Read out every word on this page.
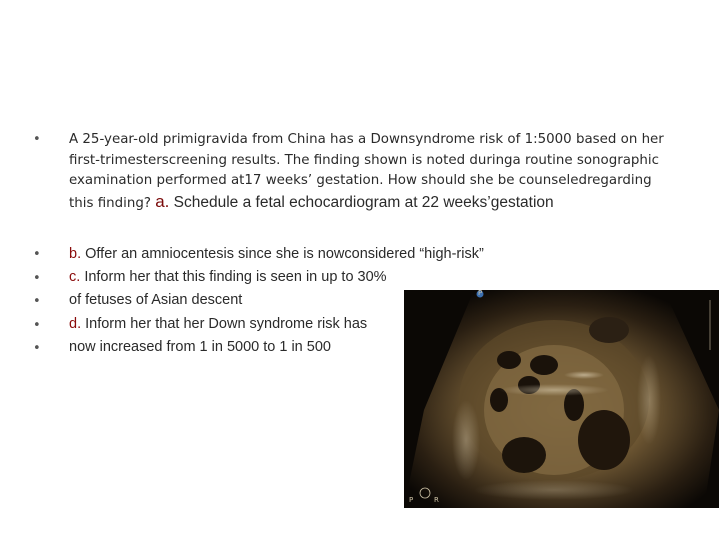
• A 25-year-old primigravida from China has a Downsyndrome risk of 1:5000 based on her first-trimesterscreening results. The finding shown is noted duringa routine sonographic examination performed at17 weeks’ gestation. How should she be counseledregarding this finding? a. Schedule a fetal echocardiogram at 22 weeks’gestation
• b. Offer an amniocentesis since she is nowconsidered “high-risk”
• c. Inform her that this finding is seen in up to 30%
• of fetuses of Asian descent
• d. Inform her that her Down syndrome risk has
• now increased from 1 in 5000 to 1 in 500
P
P	R
